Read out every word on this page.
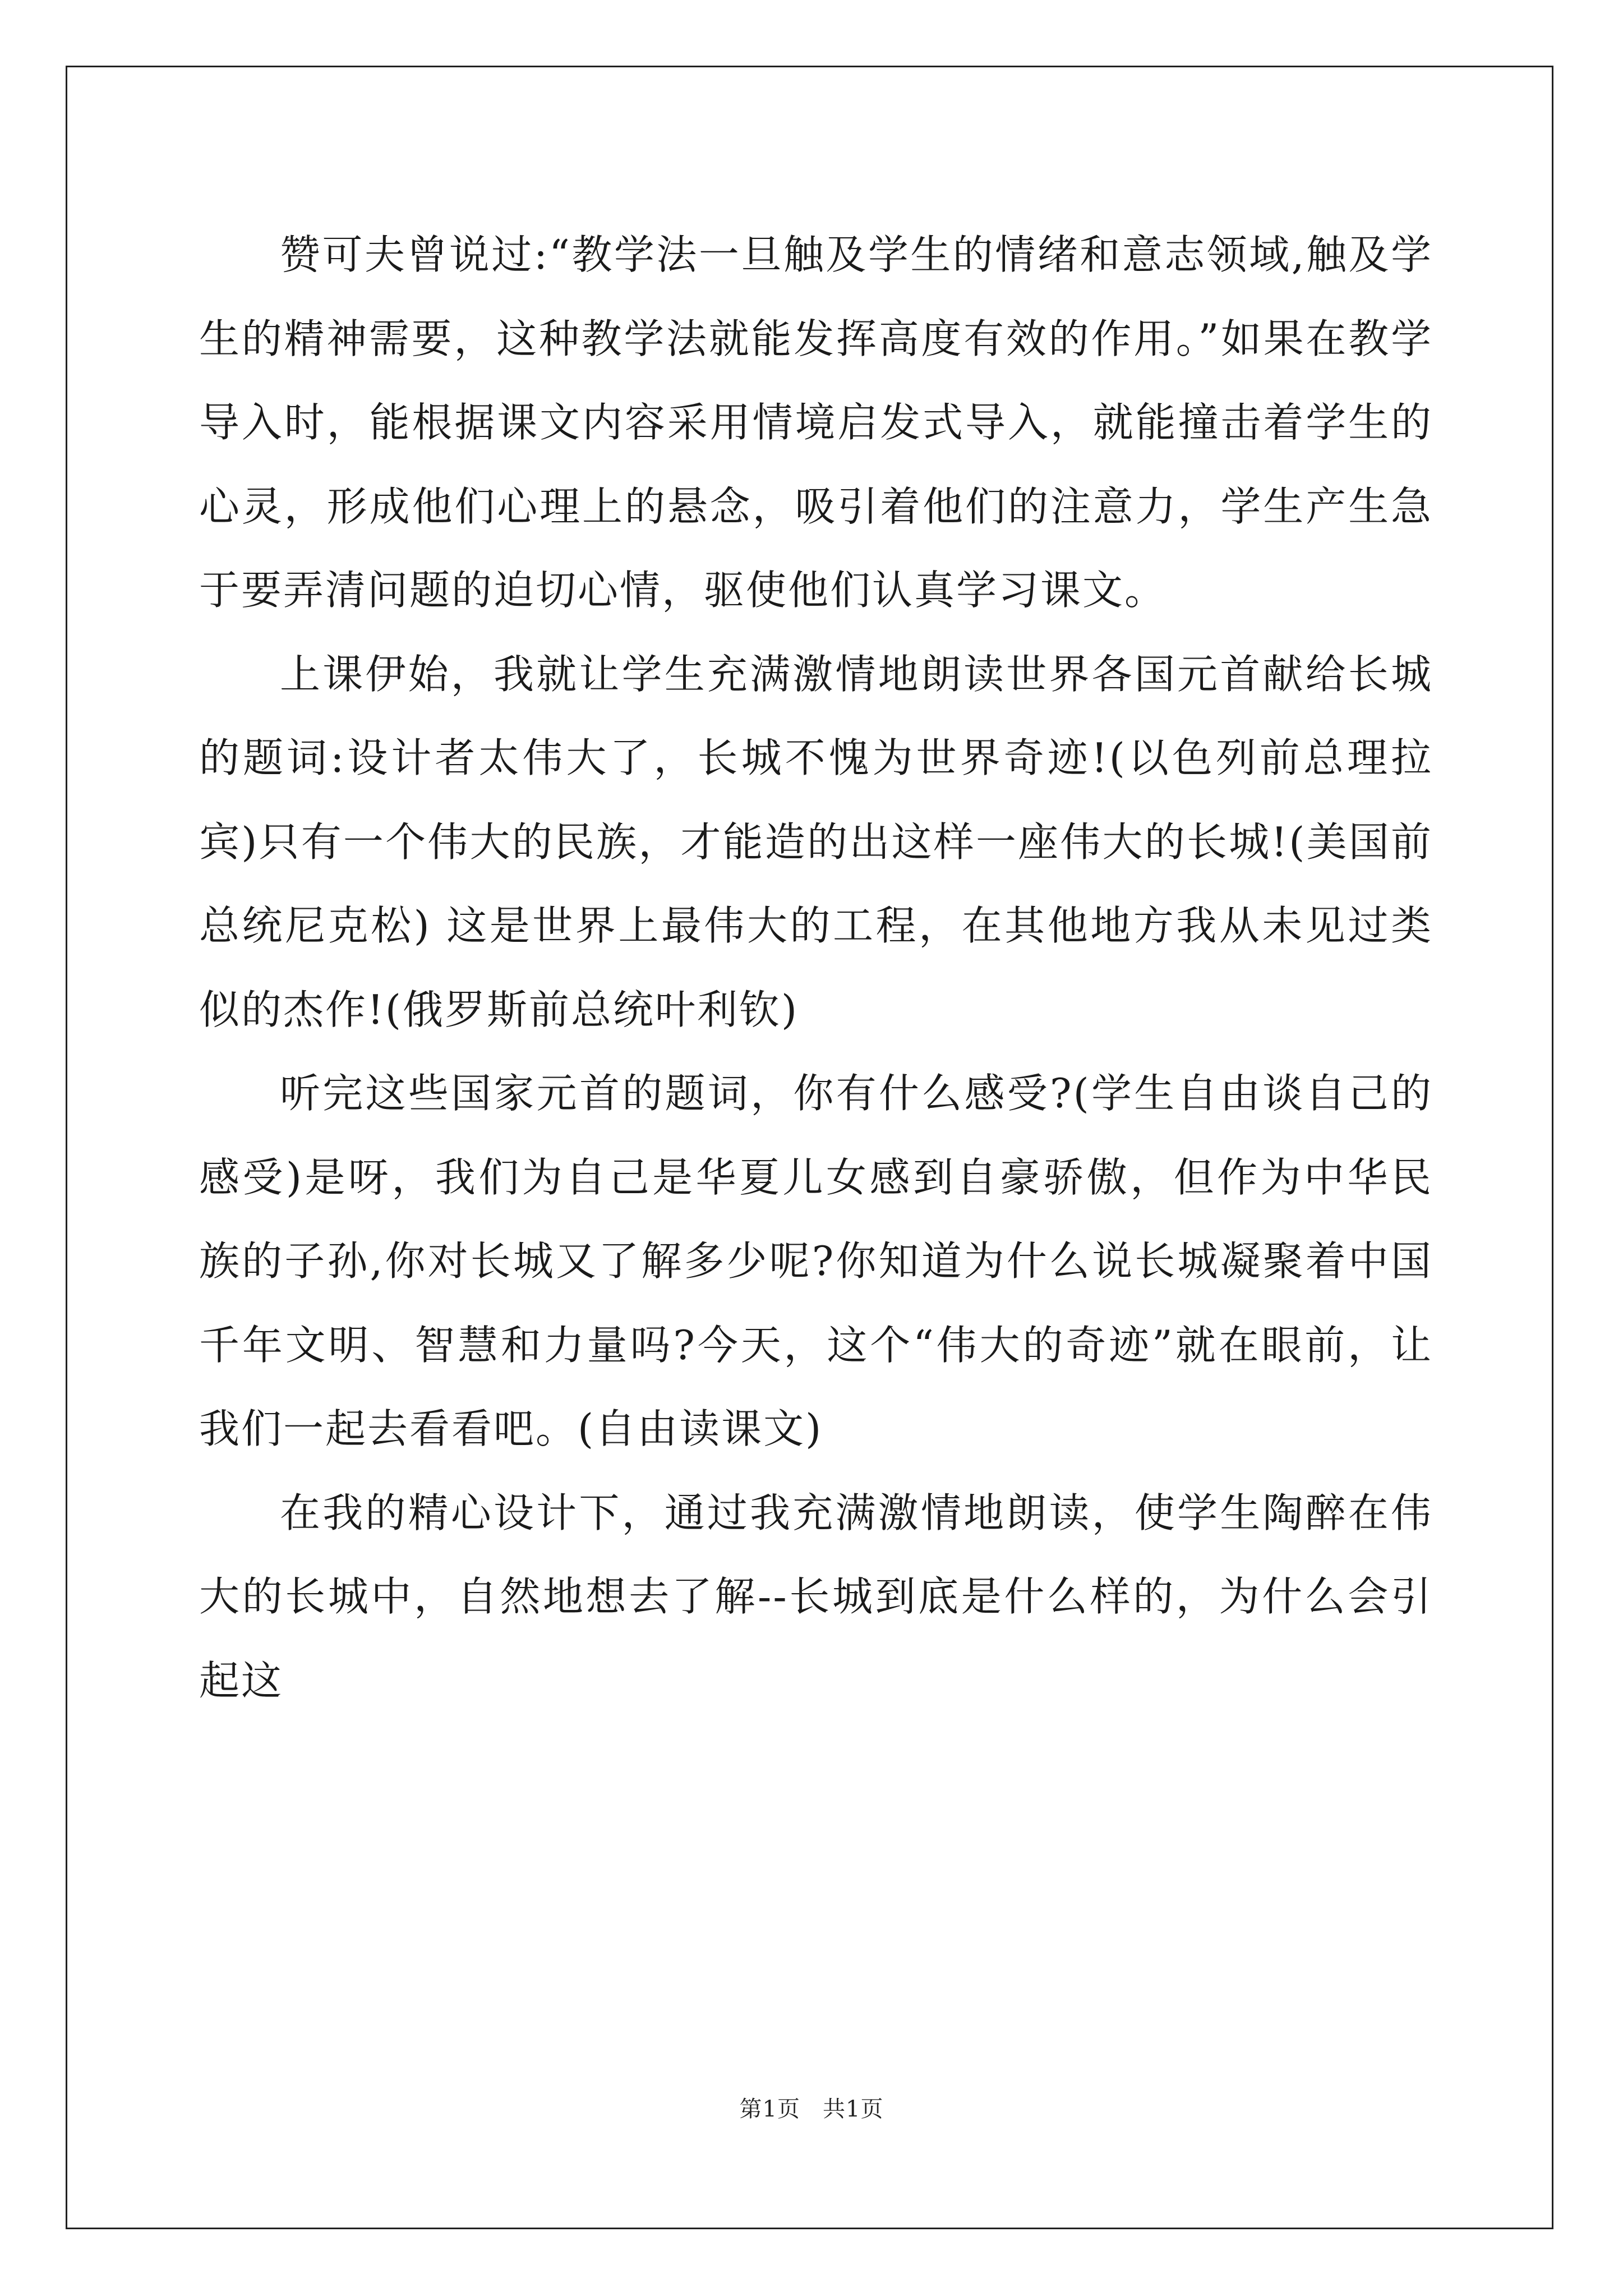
赞可夫曾说过:“教学法一旦触及学生的情绪和意志领域,触及学生的精神需要，这种教学法就能发挥高度有效的作用。”如果在教学导入时，能根据课文内容采用情境启发式导入，就能撞击着学生的心灵，形成他们心理上的悬念，吸引着他们的注意力，学生产生急于要弄清问题的迫切心情，驱使他们认真学习课文。

上课伊始，我就让学生充满激情地朗读世界各国元首献给长城的题词:设计者太伟大了，长城不愧为世界奇迹!(以色列前总理拉宾)只有一个伟大的民族，才能造的出这样一座伟大的长城!(美国前总统尼克松) 这是世界上最伟大的工程，在其他地方我从未见过类似的杰作!(俄罗斯前总统叶利钦)

听完这些国家元首的题词，你有什么感受?(学生自由谈自己的感受)是呀，我们为自己是华夏儿女感到自豪骄傲，但作为中华民族的子孙,你对长城又了解多少呢?你知道为什么说长城凝聚着中国千年文明、智慧和力量吗?今天，这个“伟大的奇迹”就在眼前，让我们一起去看看吧。(自由读课文)

在我的精心设计下，通过我充满激情地朗读，使学生陶醉在伟大的长城中，自然地想去了解--长城到底是什么样的，为什么会引起这

第1页 共1页
